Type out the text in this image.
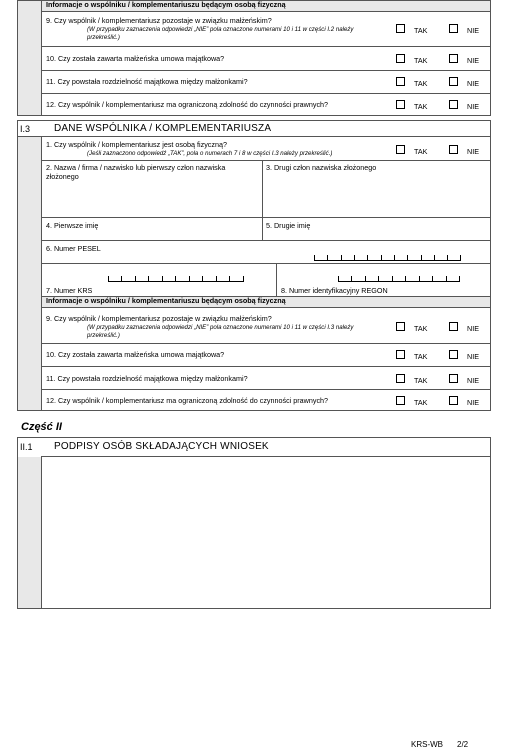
Informacje o wspólniku / komplementariuszu będącym osobą fizyczną
9. Czy wspólnik / komplementariusz pozostaje w związku małżeńskim?
(W przypadku zaznaczenia odpowiedzi „NIE” pola oznaczone numerami 10 i 11 w części I.2 należy
przekreślić.)
TAK	NIE
10. Czy została zawarta małżeńska umowa majątkowa?	TAK	NIE
11. Czy powstała rozdzielność majątkowa między małżonkami?	TAK	NIE
12. Czy wspólnik / komplementariusz ma ograniczoną zdolność do czynności prawnych?	TAK	NIE
I.3 DANE WSPÓLNIKA / KOMPLEMENTARIUSZA
1. Czy wspólnik / komplementariusz jest osobą fizyczną?
(Jeśli zaznaczono odpowiedź „TAK”, pola o numerach 7 i 8 w części I.3 należy przekreślić.)	TAK	NIE
2. Nazwa / firma / nazwisko lub pierwszy człon nazwiska
złożonego
3. Drugi człon nazwiska złożonego
4. Pierwsze imię	5. Drugie imię
6. Numer PESEL
7. Numer KRS	8. Numer identyfikacyjny REGON
Informacje o wspólniku / komplementariuszu będącym osobą fizyczną
9. Czy wspólnik / komplementariusz pozostaje w związku małżeńskim?
(W przypadku zaznaczenia odpowiedzi „NIE” pola oznaczone numerami 10 i 11 w części I.3 należy
przekreślić.)
TAK	NIE
10. Czy została zawarta małżeńska umowa majątkowa?	TAK	NIE
11. Czy powstała rozdzielność majątkowa między małżonkami?	TAK	NIE
12. Czy wspólnik / komplementariusz ma ograniczoną zdolność do czynności prawnych?	TAK	NIE
Część II
II.1 PODPISY OSÓB SKŁADAJĄCYCH WNIOSEK
KRS-WB 2/2
